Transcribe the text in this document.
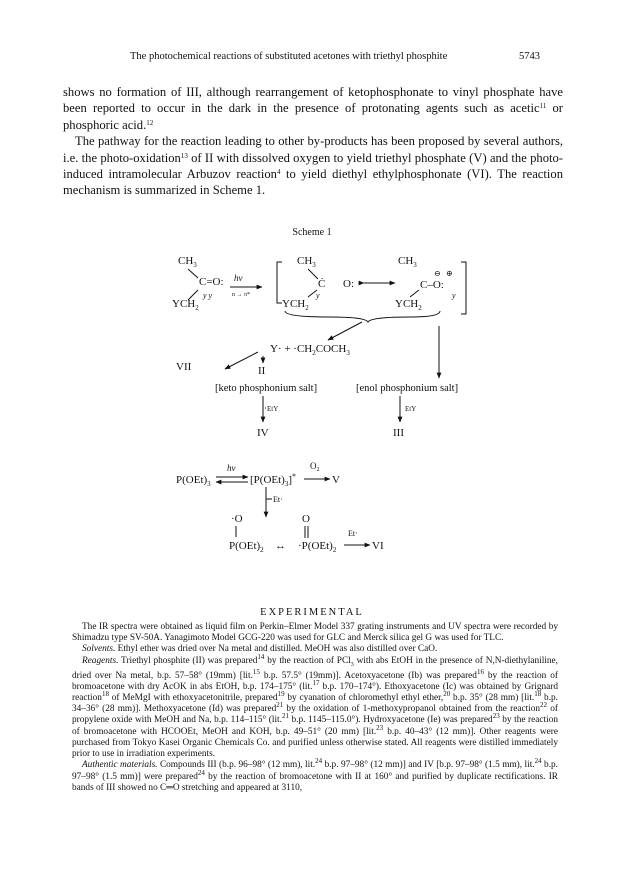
The photochemical reactions of substituted acetones with triethyl phosphite	5743

shows no formation of III, although rearrangement of ketophosphonate to vinyl phosphate have been reported to occur in the dark in the presence of protonating agents such as acetic$^{11}$ or phosphoric acid.$^{12}$

The pathway for the reaction leading to other by-products has been proposed by several authors, i.e. the photo-oxidation$^{13}$ of II with dissolved oxygen to yield triethyl phosphate (V) and the photo-induced intramolecular Arbuzov reaction$^4$ to yield diethyl ethylphosphonate (VI). The reaction mechanism is summarized in Scheme 1.

Scheme 1
$CH_3$
C=O:
$YCH_2$
y y
hν
n → π*
$CH_3$
Ċ O:
y
$YCH_2$
$CH_3$
⊖ ⊕
C–O:
y
$YCH_2$
$Y\cdot + \cdot CH_2COCH_3$
VII	II
[keto phosphonium salt]	[enol phosphonium salt]
EtY	EtY
IV	III
$P(OEt)_3$
hν
$[P(OEt)_3]^*$
$O_2$
V
Et·
·O
$P(OEt)_2$ ↔
O
$\cdot P(OEt)_2$
Et·
VI
EXPERIMENTAL

The IR spectra were obtained as liquid film on Perkin–Elmer Model 337 grating instruments and UV spectra were recorded by Shimadzu type SV-50A. Yanagimoto Model GCG-220 was used for GLC and Merck silica gel G was used for TLC.

Solvents. Ethyl ether was dried over Na metal and distilled. MeOH was also distilled over CaO.

Reagents. Triethyl phosphite (II) was prepared$^{14}$ by the reaction of PCl$_3$ with abs EtOH in the presence of N,N-diethylaniline, dried over Na metal, b.p. 57–58° (19mm) [lit.$^{15}$ b.p. 57.5° (19mm)]. Acetoxyacetone (Ib) was prepared$^{16}$ by the reaction of bromoacetone with dry AcOK in abs EtOH, b.p. 174–175° (lit.$^{17}$ b.p. 170–174°). Ethoxyacetone (Ic) was obtained by Grignard reaction$^{18}$ of MeMgI with ethoxyacetonitrile, prepared$^{19}$ by cyanation of chloromethyl ethyl ether,$^{20}$ b.p. 35° (28 mm) [lit.$^{18}$ b.p. 34–36° (28 mm)]. Methoxyacetone (Id) was prepared$^{21}$ by the oxidation of 1-methoxypropanol obtained from the reaction$^{22}$ of propylene oxide with MeOH and Na, b.p. 114–115° (lit.$^{21}$ b.p. 1145–115.0°). Hydroxyacetone (Ie) was prepared$^{23}$ by the reaction of bromoacetone with HCOOEt, MeOH and KOH, b.p. 49–51° (20 mm) [lit.$^{23}$ b.p. 40–43° (12 mm)]. Other reagents were purchased from Tokyo Kasei Organic Chemicals Co. and purified unless otherwise stated. All reagents were distilled immediately prior to use in irradiation experiments.

Authentic materials. Compounds III (b.p. 96–98° (12 mm), lit.$^{24}$ b.p. 97–98° (12 mm)] and IV [b.p. 97–98° (1.5 mm), lit.$^{24}$ b.p. 97–98° (1.5 mm)] were prepared$^{24}$ by the reaction of bromoacetone with II at 160° and purified by duplicate rectifications. IR bands of III showed no C═O stretching and appeared at 3110,
